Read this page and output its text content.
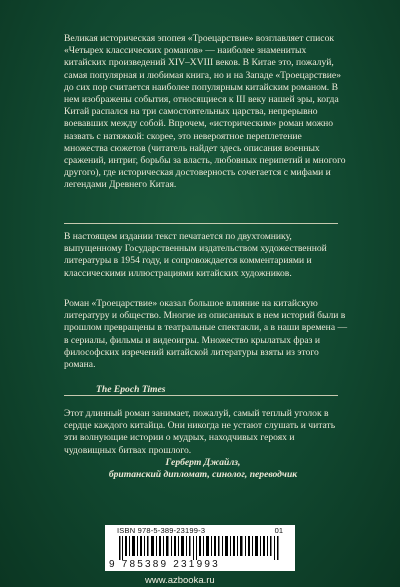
Великая историческая эпопея «Троецарствие» возглавляет список «Четырех классических романов» — наиболее знаменитых китайских произведений XIV–XVIII веков. В Китае это, пожалуй, самая популярная и любимая книга, но и на Западе «Троецарствие» до сих пор считается наиболее популярным китайским романом. В нем изображены события, относящиеся к III веку нашей эры, когда Китай распался на три самостоятельных царства, непрерывно воевавших между собой. Впрочем, «историческим» роман можно назвать с натяжкой: скорее, это невероятное переплетение множества сюжетов (читатель найдет здесь описания военных сражений, интриг, борьбы за власть, любовных перипетий и многого другого), где историческая достоверность сочетается с мифами и легендами Древнего Китая.

В настоящем издании текст печатается по двухтомнику, выпущенному Государственным издательством художественной литературы в 1954 году, и сопровождается комментариями и классическими иллюстрациями китайских художников.

Роман «Троецарствие» оказал большое влияние на китайскую литературу и общество. Многие из описанных в нем историй были в прошлом превращены в театральные спектакли, а в наши времена — в сериалы, фильмы и видеоигры. Множество крылатых фраз и философских изречений китайской литературы взяты из этого романа.

The Epoch Times

Этот длинный роман занимает, пожалуй, самый теплый уголок в сердце каждого китайца. Они никогда не устают слушать и читать эти волнующие истории о мудрых, находчивых героях и чудовищных битвах прошлого.

Герберт Джайлз,
британский дипломат, синолог, переводчик
ISBN 978-5-389-23199-3	01
9 785389 231993
www.azbooka.ru
